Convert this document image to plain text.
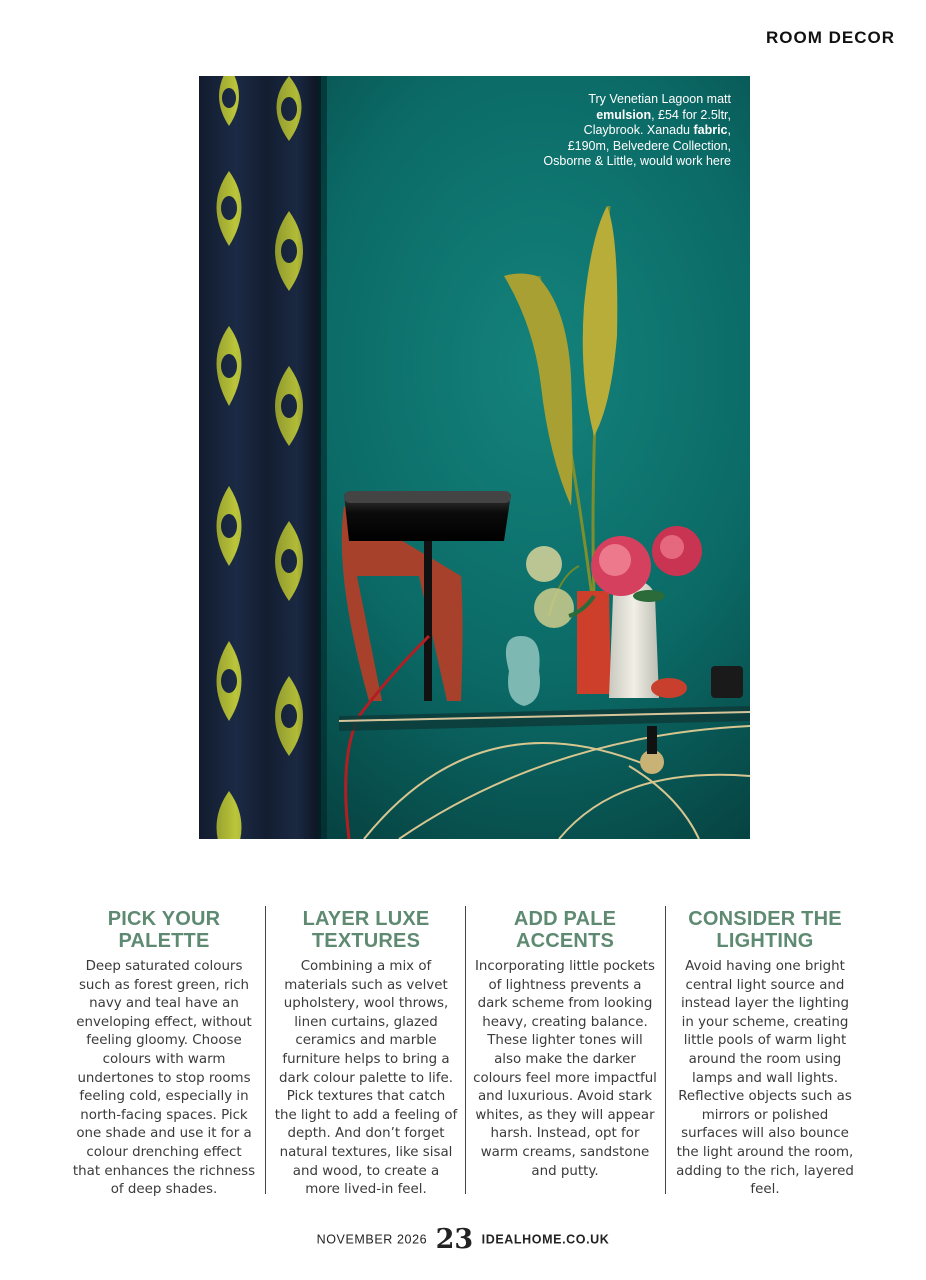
ROOM DECOR
Try Venetian Lagoon matt emulsion, £54 for 2.5ltr, Claybrook. Xanadu fabric, £190m, Belvedere Collection, Osborne & Little, would work here
PICK YOUR
PALETTE

Deep saturated colours such as forest green, rich navy and teal have an enveloping effect, without feeling gloomy. Choose colours with warm undertones to stop rooms feeling cold, especially in north-facing spaces. Pick one shade and use it for a colour drenching effect that enhances the richness of deep shades.

LAYER LUXE
TEXTURES

Combining a mix of materials such as velvet upholstery, wool throws, linen curtains, glazed ceramics and marble furniture helps to bring a dark colour palette to life. Pick textures that catch the light to add a feeling of depth. And don’t forget natural textures, like sisal and wood, to create a more lived-in feel.

ADD PALE
ACCENTS

Incorporating little pockets of lightness prevents a dark scheme from looking heavy, creating balance. These lighter tones will also make the darker colours feel more impactful and luxurious. Avoid stark whites, as they will appear harsh. Instead, opt for warm creams, sandstone and putty.

CONSIDER THE
LIGHTING

Avoid having one bright central light source and instead layer the lighting in your scheme, creating little pools of warm light around the room using lamps and wall lights. Reflective objects such as mirrors or polished surfaces will also bounce the light around the room, adding to the rich, layered feel.

NOVEMBER 2026 23 IDEALHOME.CO.UK
